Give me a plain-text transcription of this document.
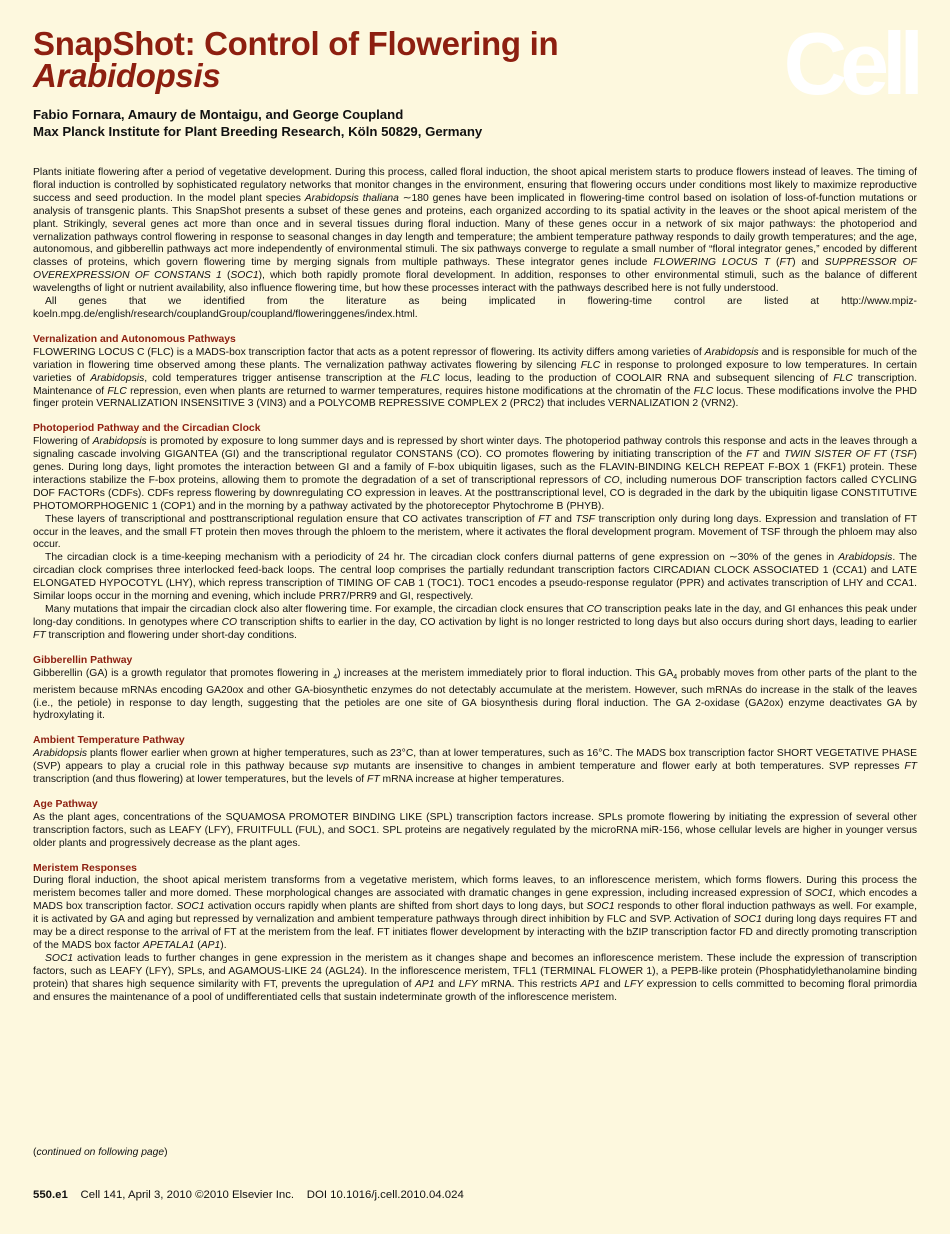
Cell
SnapShot: Control of Flowering in
Arabidopsis
Fabio Fornara, Amaury de Montaigu, and George Coupland
Max Planck Institute for Plant Breeding Research, Köln 50829, Germany

Plants initiate flowering after a period of vegetative development. During this process, called floral induction, the shoot apical meristem starts to produce flowers instead of leaves. The timing of floral induction is controlled by sophisticated regulatory networks that monitor changes in the environment, ensuring that flowering occurs under conditions most likely to maximize reproductive success and seed production. In the model plant species Arabidopsis thaliana ∼180 genes have been implicated in flowering-time control based on isolation of loss-of-function mutations or analysis of transgenic plants. This SnapShot presents a subset of these genes and proteins, each organized according to its spatial activity in the leaves or the shoot apical meristem of the plant. Strikingly, several genes act more than once and in several tissues during floral induction. Many of these genes occur in a network of six major pathways: the photoperiod and vernalization pathways control flowering in response to seasonal changes in day length and temperature; the ambient temperature pathway responds to daily growth temperatures; and the age, autonomous, and gibberellin pathways act more independently of environmental stimuli. The six pathways converge to regulate a small number of “floral integrator genes,” encoded by different classes of proteins, which govern flowering time by merging signals from multiple pathways. These integrator genes include FLOWERING LOCUS T (FT) and SUPPRESSOR OF OVEREXPRESSION OF CONSTANS 1 (SOC1), which both rapidly promote floral development. In addition, responses to other environmental stimuli, such as the balance of different wavelengths of light or nutrient availability, also influence flowering time, but how these processes interact with the pathways described here is not fully understood.

All genes that we identified from the literature as being implicated in flowering-time control are listed at http://www.mpiz-koeln.mpg.de/english/research/couplandGroup/coupland/floweringgenes/index.html.

Vernalization and Autonomous Pathways

FLOWERING LOCUS C (FLC) is a MADS-box transcription factor that acts as a potent repressor of flowering. Its activity differs among varieties of Arabidopsis and is responsible for much of the variation in flowering time observed among these plants. The vernalization pathway activates flowering by silencing FLC in response to prolonged exposure to low temperatures. In certain varieties of Arabidopsis, cold temperatures trigger antisense transcription at the FLC locus, leading to the production of COOLAIR RNA and subsequent silencing of FLC transcription. Maintenance of FLC repression, even when plants are returned to warmer temperatures, requires histone modifications at the chromatin of the FLC locus. These modifications involve the PHD finger protein VERNALIZATION INSENSITIVE 3 (VIN3) and a POLYCOMB REPRESSIVE COMPLEX 2 (PRC2) that includes VERNALIZATION 2 (VRN2).

Photoperiod Pathway and the Circadian Clock

Flowering of Arabidopsis is promoted by exposure to long summer days and is repressed by short winter days. The photoperiod pathway controls this response and acts in the leaves through a signaling cascade involving GIGANTEA (GI) and the transcriptional regulator CONSTANS (CO). CO promotes flowering by initiating transcription of the FT and TWIN SISTER OF FT (TSF) genes. During long days, light promotes the interaction between GI and a family of F-box ubiquitin ligases, such as the FLAVIN-BINDING KELCH REPEAT F-BOX 1 (FKF1) protein. These interactions stabilize the F-box proteins, allowing them to promote the degradation of a set of transcriptional repressors of CO, including numerous DOF transcription factors called CYCLING DOF FACTORs (CDFs). CDFs repress flowering by downregulating CO expression in leaves. At the posttranscriptional level, CO is degraded in the dark by the ubiquitin ligase CONSTITUTIVE PHOTOMORPHOGENIC 1 (COP1) and in the morning by a pathway activated by the photoreceptor Phytochrome B (PHYB).

These layers of transcriptional and posttranscriptional regulation ensure that CO activates transcription of FT and TSF transcription only during long days. Expression and translation of FT occur in the leaves, and the small FT protein then moves through the phloem to the meristem, where it activates the floral development program. Movement of TSF through the phloem may also occur.

The circadian clock is a time-keeping mechanism with a periodicity of 24 hr. The circadian clock confers diurnal patterns of gene expression on ∼30% of the genes in Arabidopsis. The circadian clock comprises three interlocked feed-back loops. The central loop comprises the partially redundant transcription factors CIRCADIAN CLOCK ASSOCIATED 1 (CCA1) and LATE ELONGATED HYPOCOTYL (LHY), which repress transcription of TIMING OF CAB 1 (TOC1). TOC1 encodes a pseudo-response regulator (PPR) and activates transcription of LHY and CCA1. Similar loops occur in the morning and evening, which include PRR7/PRR9 and GI, respectively.

Many mutations that impair the circadian clock also alter flowering time. For example, the circadian clock ensures that CO transcription peaks late in the day, and GI enhances this peak under long-day conditions. In genotypes where CO transcription shifts to earlier in the day, CO activation by light is no longer restricted to long days but also occurs during short days, leading to earlier FT transcription and flowering under short-day conditions.

Gibberellin Pathway

Gibberellin (GA) is a growth regulator that promotes flowering in $_4$) increases at the meristem immediately prior to floral induction. This $GA_4$ probably moves from other parts of the plant to the meristem because mRNAs encoding GA20ox and other GA-biosynthetic enzymes do not detectably accumulate at the meristem. However, such mRNAs do increase in the stalk of the leaves (i.e., the petiole) in response to day length, suggesting that the petioles are one site of GA biosynthesis during floral induction. The GA 2-oxidase (GA2ox) enzyme deactivates GA by hydroxylating it.

Ambient Temperature Pathway

Arabidopsis plants flower earlier when grown at higher temperatures, such as 23°C, than at lower temperatures, such as 16°C. The MADS box transcription factor SHORT VEGETATIVE PHASE (SVP) appears to play a crucial role in this pathway because svp mutants are insensitive to changes in ambient temperature and flower early at both temperatures. SVP represses FT transcription (and thus flowering) at lower temperatures, but the levels of FT mRNA increase at higher temperatures.

Age Pathway

As the plant ages, concentrations of the SQUAMOSA PROMOTER BINDING LIKE (SPL) transcription factors increase. SPLs promote flowering by initiating the expression of several other transcription factors, such as LEAFY (LFY), FRUITFULL (FUL), and SOC1. SPL proteins are negatively regulated by the microRNA miR-156, whose cellular levels are higher in younger versus older plants and progressively decrease as the plant ages.

Meristem Responses

During floral induction, the shoot apical meristem transforms from a vegetative meristem, which forms leaves, to an inflorescence meristem, which forms flowers. During this process the meristem becomes taller and more domed. These morphological changes are associated with dramatic changes in gene expression, including increased expression of SOC1, which encodes a MADS box transcription factor. SOC1 activation occurs rapidly when plants are shifted from short days to long days, but SOC1 responds to other floral induction pathways as well. For example, it is activated by GA and aging but repressed by vernalization and ambient temperature pathways through direct inhibition by FLC and SVP. Activation of SOC1 during long days requires FT and may be a direct response to the arrival of FT at the meristem from the leaf. FT initiates flower development by interacting with the bZIP transcription factor FD and directly promoting transcription of the MADS box factor APETALA1 (AP1).

SOC1 activation leads to further changes in gene expression in the meristem as it changes shape and becomes an inflorescence meristem. These include the expression of transcription factors, such as LEAFY (LFY), SPLs, and AGAMOUS-LIKE 24 (AGL24). In the inflorescence meristem, TFL1 (TERMINAL FLOWER 1), a PEPB-like protein (Phosphatidylethanolamine binding protein) that shares high sequence similarity with FT, prevents the upregulation of AP1 and LFY mRNA. This restricts AP1 and LFY expression to cells committed to becoming floral primordia and ensures the maintenance of a pool of undifferentiated cells that sustain indeterminate growth of the inflorescence meristem.

(continued on following page)
550.e1 Cell 141, April 3, 2010 ©2010 Elsevier Inc. DOI 10.1016/j.cell.2010.04.024
